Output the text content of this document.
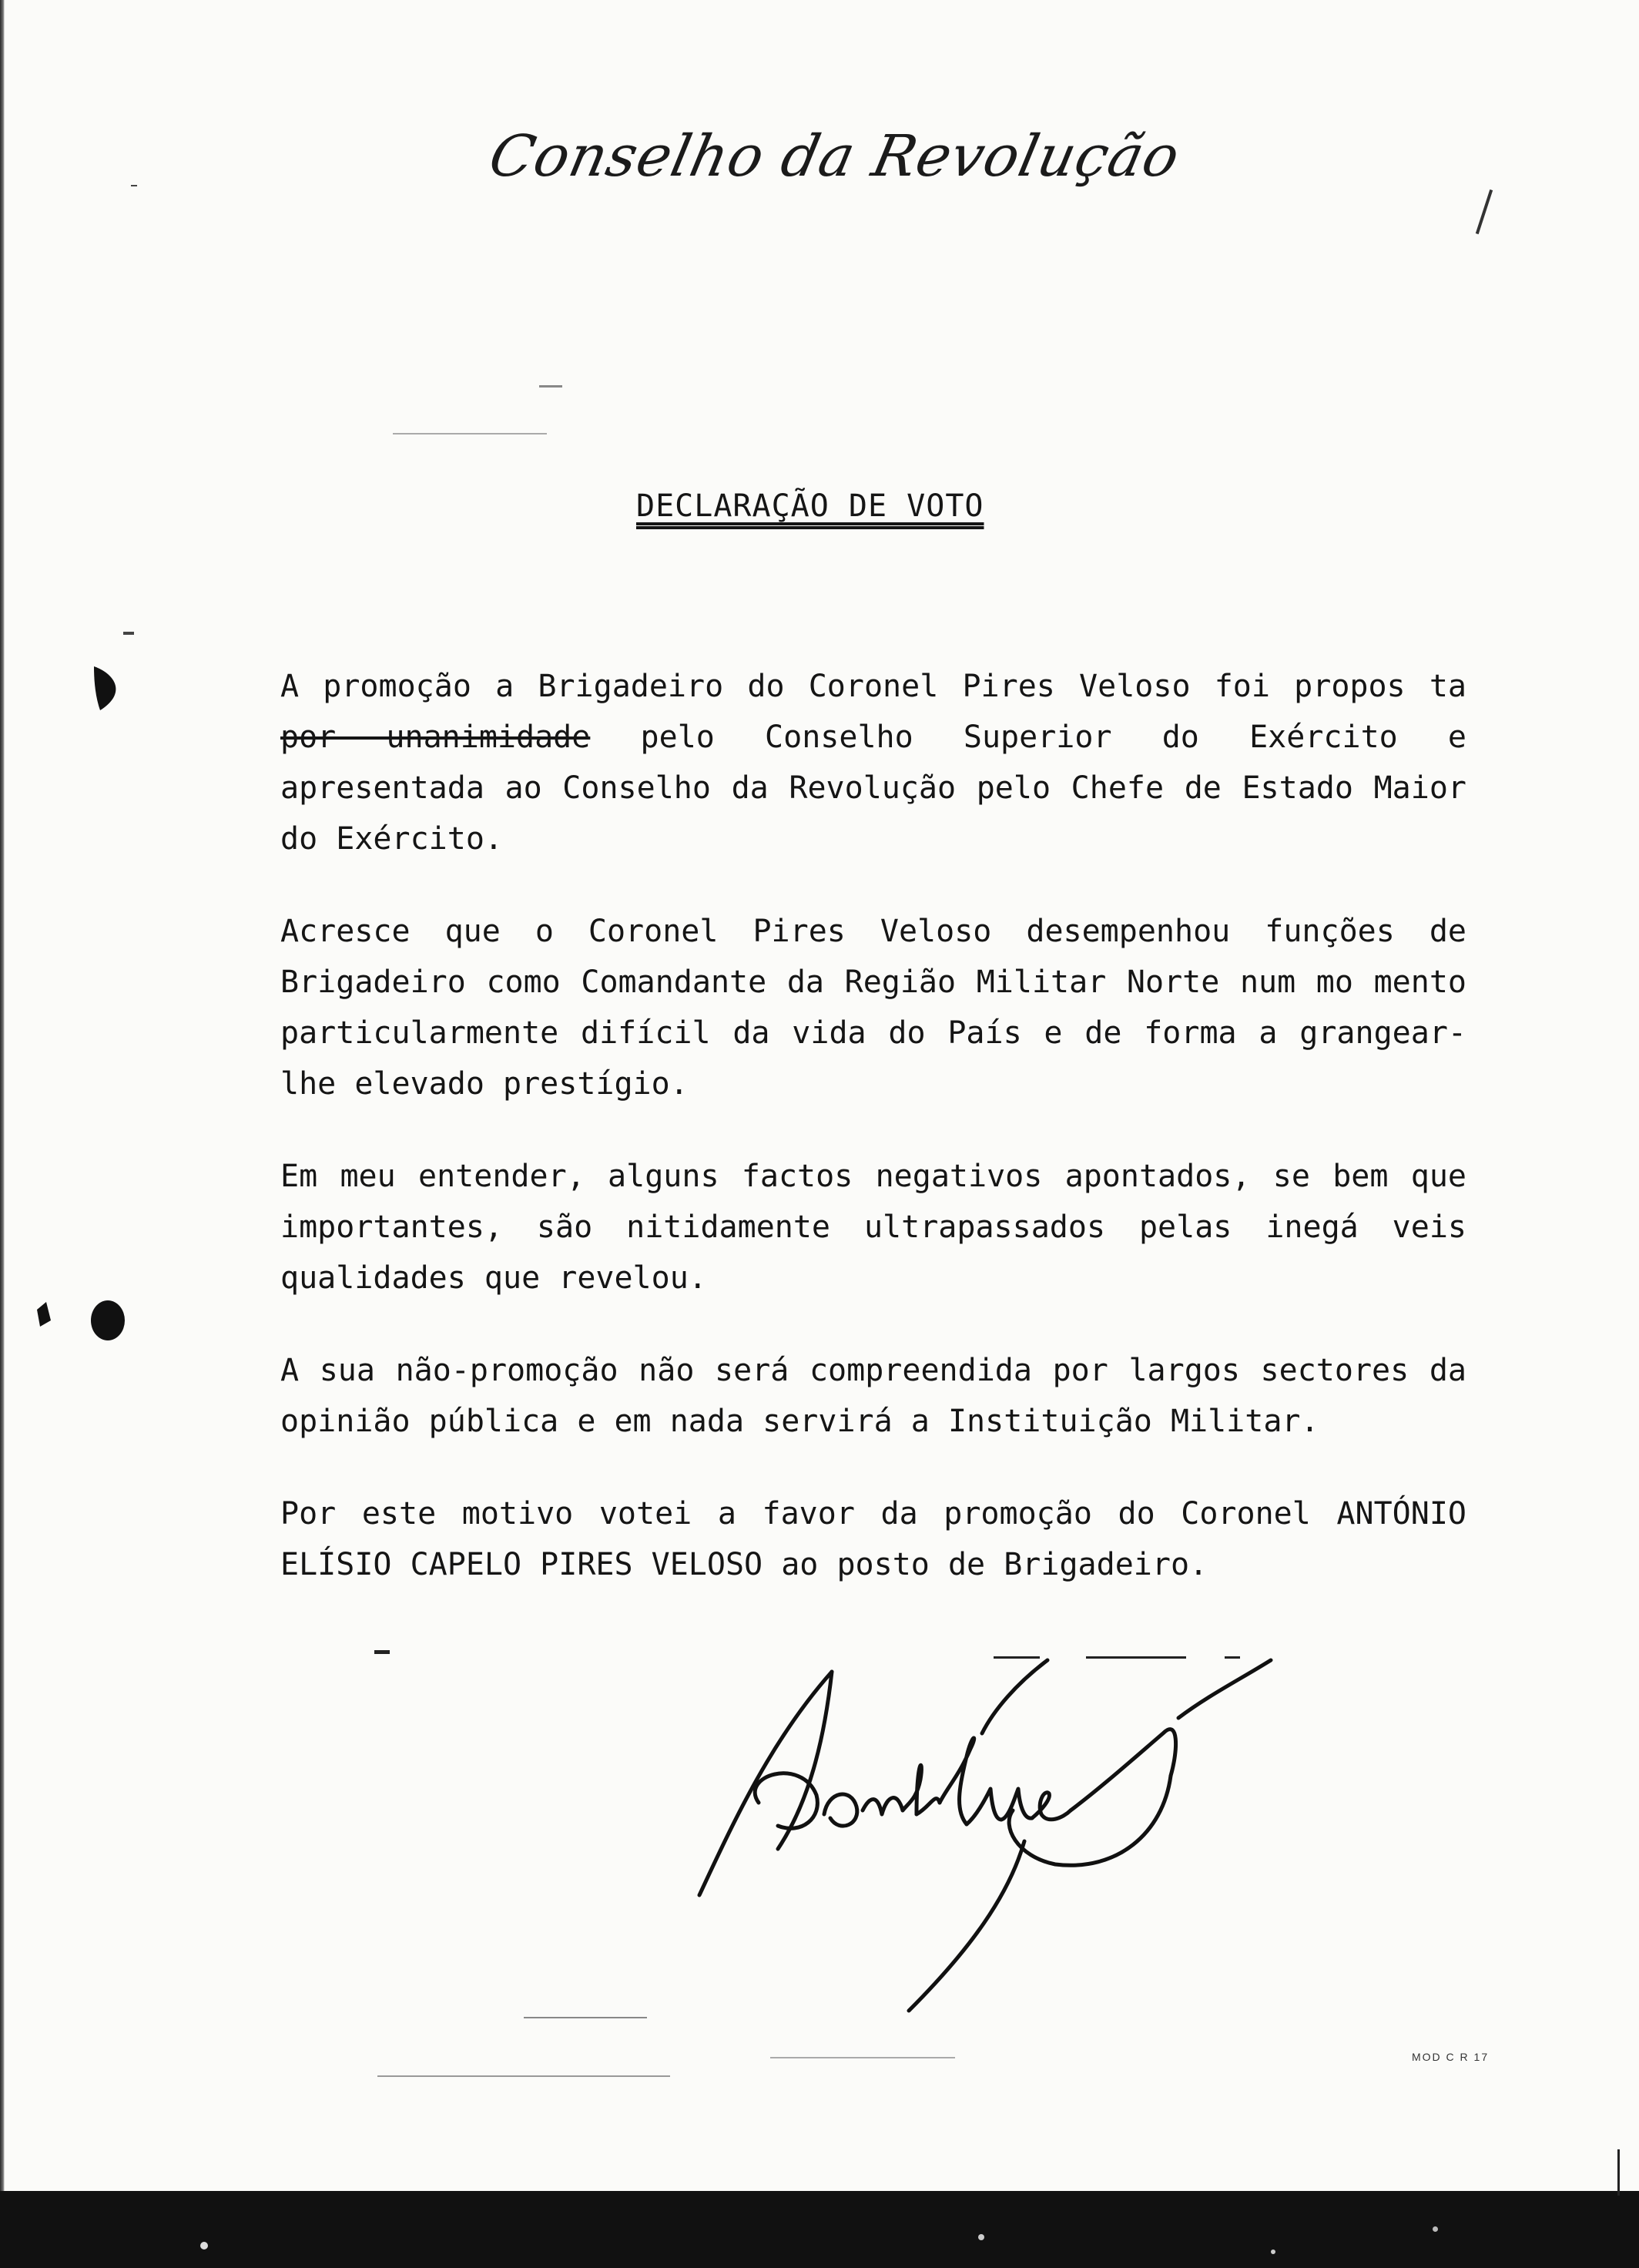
Conselho da Revolução
DECLARAÇÃO DE VOTO

A promoção a Brigadeiro do Coronel Pires Veloso foi propos ta por unanimidade pelo Conselho Superior do Exército e apresentada ao Conselho da Revolução pelo Chefe de Estado Maior do Exército.

Acresce que o Coronel Pires Veloso desempenhou funções de Brigadeiro como Comandante da Região Militar Norte num mo mento particularmente difícil da vida do País e de forma a grangear-lhe elevado prestígio.

Em meu entender, alguns factos negativos apontados, se bem que importantes, são nitidamente ultrapassados pelas inegá veis qualidades que revelou.

A sua não-promoção não será compreendida por largos sectores da opinião pública e em nada servirá a Instituição Militar.

Por este motivo votei a favor da promoção do Coronel ANTÓNIO ELÍSIO CAPELO PIRES VELOSO ao posto de Brigadeiro.

MOD C R 17
